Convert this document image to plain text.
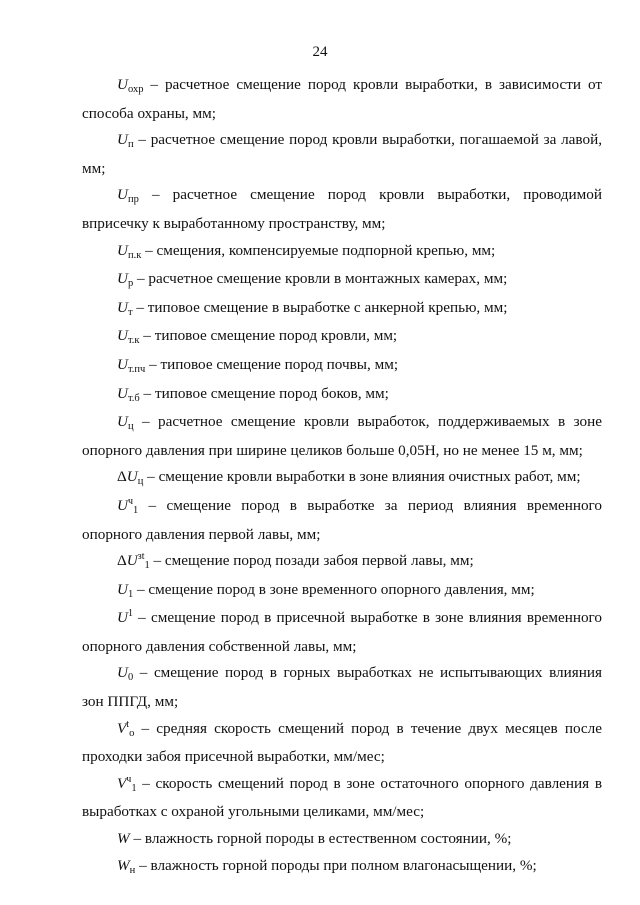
24
Uохр – расчетное смещение пород кровли выработки, в зависимости от способа охраны, мм;
Uп – расчетное смещение пород кровли выработки, погашаемой за лавой, мм;
Uпр – расчетное смещение пород кровли выработки, проводимой вприсечку к выработанному пространству, мм;
Uп.к – смещения, компенсируемые подпорной крепью, мм;
Uр – расчетное смещение кровли в монтажных камерах, мм;
Uт – типовое смещение в выработке с анкерной крепью, мм;
Uт.к – типовое смещение пород кровли, мм;
Uт.пч – типовое смещение пород почвы, мм;
Uт.б – типовое смещение пород боков, мм;
Uц – расчетное смещение кровли выработок, поддерживаемых в зоне опорного давления при ширине целиков больше 0,05H, но не менее 15 м, мм;
ΔUц – смещение кровли выработки в зоне влияния очистных работ, мм;
$U^ч1$ – смещение пород в выработке за период влияния временного опорного давления первой лавы, мм;
$\Delta U^{зt}1$ – смещение пород позади забоя первой лавы, мм;
U1 – смещение пород в зоне временного опорного давления, мм;
$U^1$ – смещение пород в присечной выработке в зоне влияния временного опорного давления собственной лавы, мм;
U0 – смещение пород в горных выработках не испытывающих влияния зон ППГД, мм;
$V^tо$ – средняя скорость смещений пород в течение двух месяцев после проходки забоя присечной выработки, мм/мес;
$V^ч1$ – скорость смещений пород в зоне остаточного опорного давления в выработках с охраной угольными целиками, мм/мес;
W – влажность горной породы в естественном состоянии, %;
Wн – влажность горной породы при полном влагонасыщении, %;
